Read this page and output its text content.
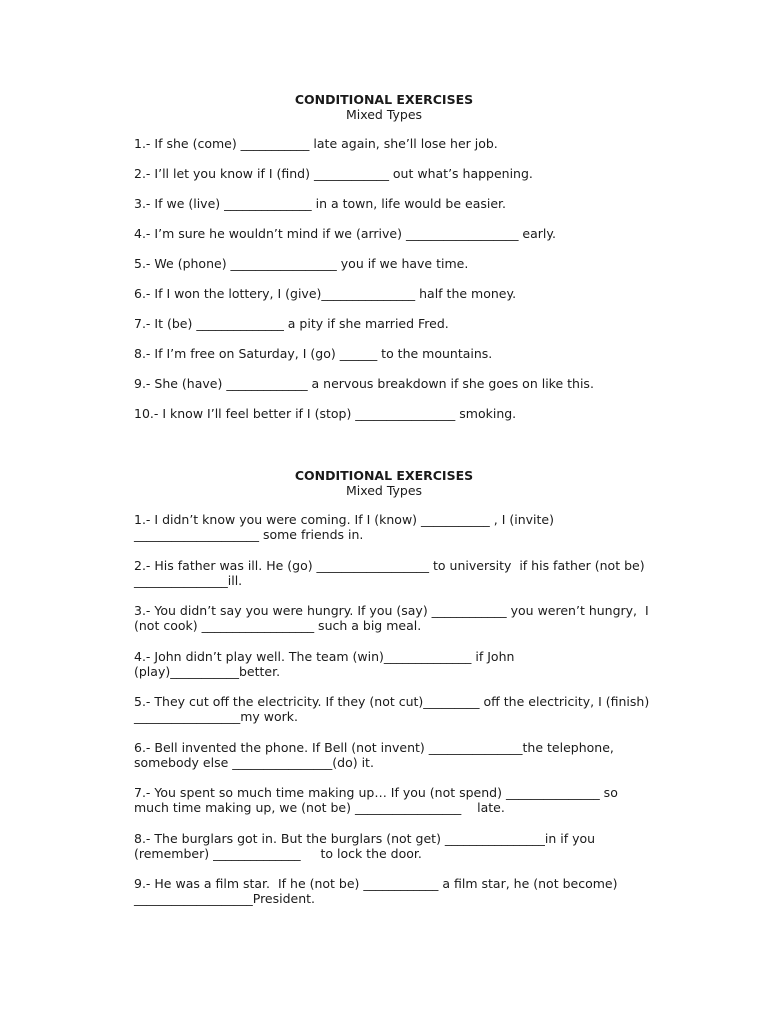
CONDITIONAL EXERCISES
Mixed Types
1.- If she (come) ___________ late again, she’ll lose her job.
2.- I’ll let you know if I (find) ____________ out what’s happening.
3.- If we (live) ______________ in a town, life would be easier.
4.- I’m sure he wouldn’t mind if we (arrive) __________________ early.
5.- We (phone) _________________ you if we have time.
6.- If I won the lottery, I (give)_______________ half the money.
7.- It (be) ______________ a pity if she married Fred.
8.- If I’m free on Saturday, I (go) ______ to the mountains.
9.- She (have) _____________ a nervous breakdown if she goes on like this.
10.- I know I’ll feel better if I (stop) ________________ smoking.
CONDITIONAL EXERCISES
Mixed Types
1.- I didn’t know you were coming. If I (know) ___________ , I (invite)
____________________ some friends in.
2.- His father was ill. He (go) __________________ to university  if his father (not be)
_______________ill.
3.- You didn’t say you were hungry. If you (say) ____________ you weren’t hungry,  I
(not cook) __________________ such a big meal.
4.- John didn’t play well. The team (win)______________ if John
(play)___________better.
5.- They cut off the electricity. If they (not cut)_________ off the electricity, I (finish)
_________________my work.
6.- Bell invented the phone. If Bell (not invent) _______________the telephone,
somebody else ________________(do) it.
7.- You spent so much time making up… If you (not spend) _______________ so
much time making up, we (not be) _________________    late.
8.- The burglars got in. But the burglars (not get) ________________in if you
(remember) ______________     to lock the door.
9.- He was a film star.  If he (not be) ____________ a film star, he (not become)
___________________President.
